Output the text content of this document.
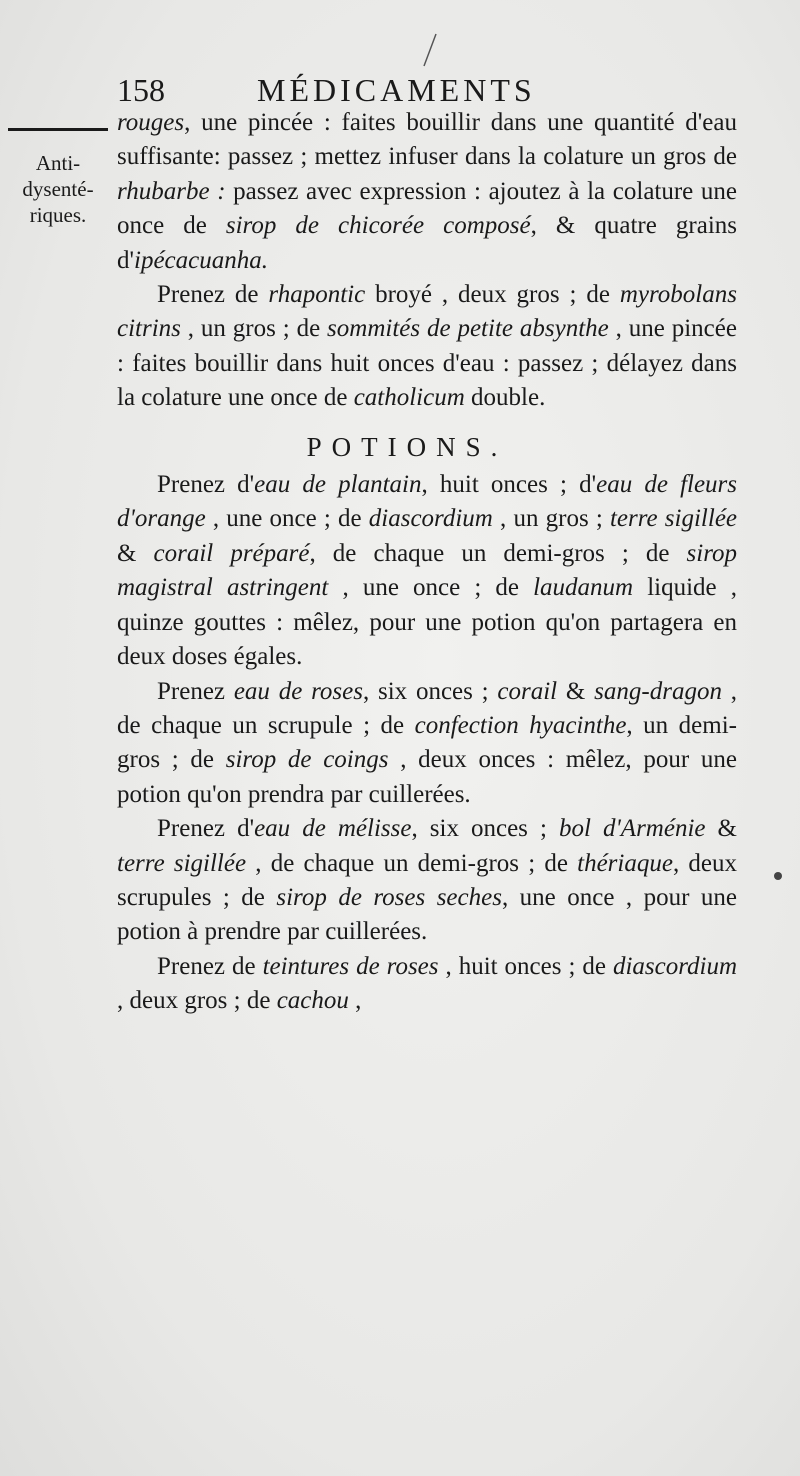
158	MÉDICAMENTS
Anti-
dysenté-
riques.

rouges, une pincée : faites bouillir dans une quantité d'eau suffisante: passez ; mettez infuser dans la colature un gros de rhubarbe : passez avec expression : ajoutez à la colature une once de sirop de chicorée composé, & quatre grains d'ipécacuanha.

Prenez de rhapontic broyé , deux gros ; de myrobolans citrins , un gros ; de sommités de petite absynthe , une pincée : faites bouillir dans huit onces d'eau : passez ; délayez dans la colature une once de catholicum double.

POTIONS.

Prenez d'eau de plantain, huit onces ; d'eau de fleurs d'orange , une once ; de diascordium , un gros ; terre sigillée & corail préparé, de chaque un demi-gros ; de sirop magistral astringent , une once ; de laudanum liquide , quinze gouttes : mêlez, pour une potion qu'on partagera en deux doses égales.

Prenez eau de roses, six onces ; corail & sang-dragon , de chaque un scrupule ; de confection hyacinthe, un demi-gros ; de sirop de coings , deux onces : mêlez, pour une potion qu'on prendra par cuillerées.

Prenez d'eau de mélisse, six onces ; bol d'Arménie & terre sigillée , de chaque un demi-gros ; de thériaque, deux scrupules ; de sirop de roses seches, une once , pour une potion à prendre par cuillerées.

Prenez de teintures de roses , huit onces ; de diascordium , deux gros ; de cachou ,
